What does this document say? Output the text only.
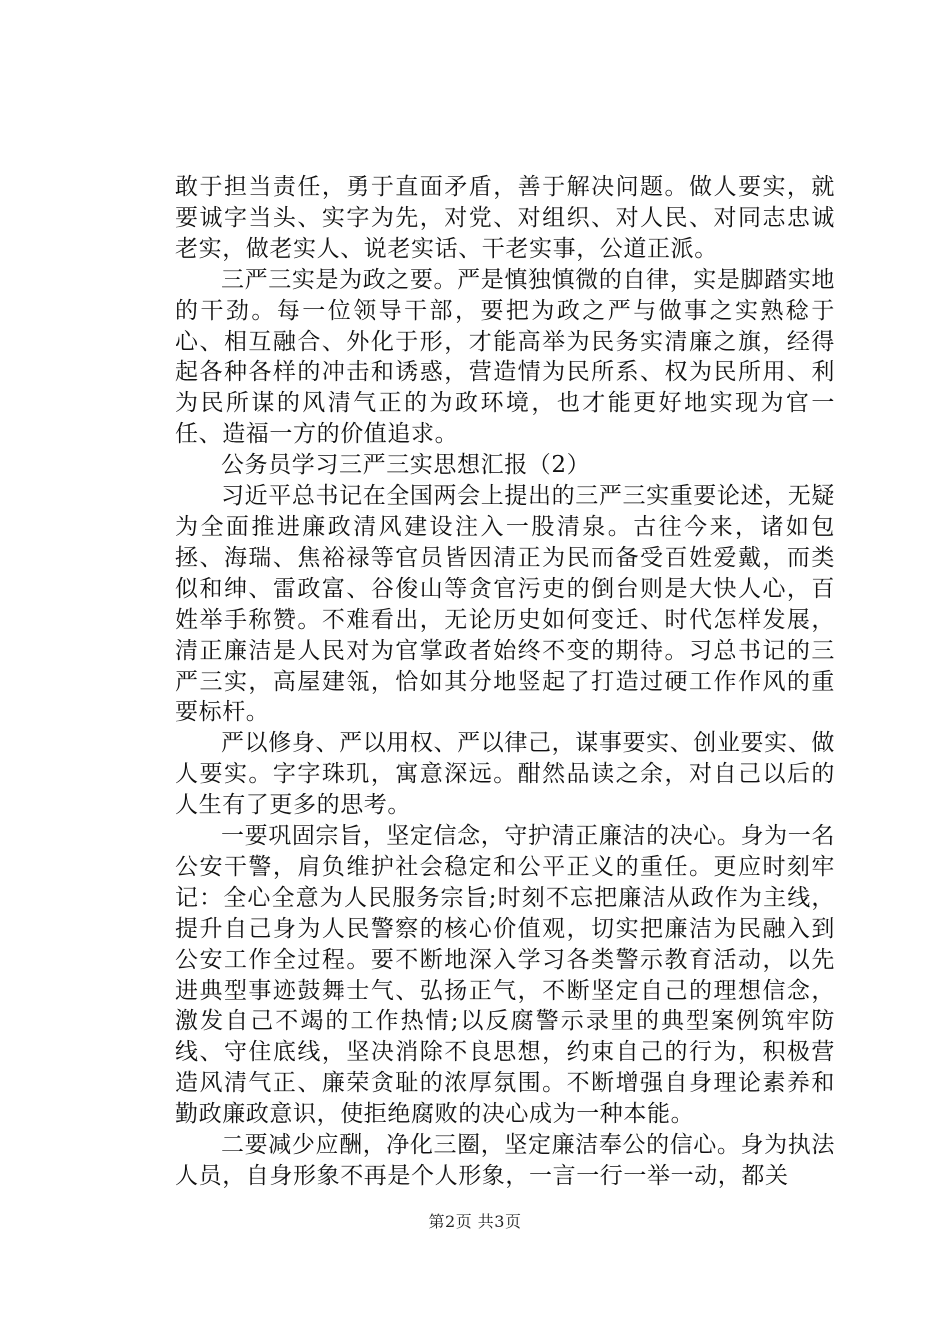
敢于担当责任，勇于直面矛盾，善于解决问题。做人要实，就要诚字当头、实字为先，对党、对组织、对人民、对同志忠诚老实，做老实人、说老实话、干老实事，公道正派。

三严三实是为政之要。严是慎独慎微的自律，实是脚踏实地的干劲。每一位领导干部，要把为政之严与做事之实熟稔于心、相互融合、外化于形，才能高举为民务实清廉之旗，经得起各种各样的冲击和诱惑，营造情为民所系、权为民所用、利为民所谋的风清气正的为政环境，也才能更好地实现为官一任、造福一方的价值追求。

公务员学习三严三实思想汇报（2）

习近平总书记在全国两会上提出的三严三实重要论述，无疑为全面推进廉政清风建设注入一股清泉。古往今来，诸如包拯、海瑞、焦裕禄等官员皆因清正为民而备受百姓爱戴，而类似和绅、雷政富、谷俊山等贪官污吏的倒台则是大快人心，百姓举手称赞。不难看出，无论历史如何变迁、时代怎样发展，清正廉洁是人民对为官掌政者始终不变的期待。习总书记的三严三实，高屋建瓴，恰如其分地竖起了打造过硬工作作风的重要标杆。

严以修身、严以用权、严以律己，谋事要实、创业要实、做人要实。字字珠玑，寓意深远。酣然品读之余，对自己以后的人生有了更多的思考。

一要巩固宗旨，坚定信念，守护清正廉洁的决心。身为一名公安干警，肩负维护社会稳定和公平正义的重任。更应时刻牢记：全心全意为人民服务宗旨;时刻不忘把廉洁从政作为主线，提升自己身为人民警察的核心价值观，切实把廉洁为民融入到公安工作全过程。要不断地深入学习各类警示教育活动，以先进典型事迹鼓舞士气、弘扬正气，不断坚定自己的理想信念，激发自己不竭的工作热情;以反腐警示录里的典型案例筑牢防线、守住底线，坚决消除不良思想，约束自己的行为，积极营造风清气正、廉荣贪耻的浓厚氛围。不断增强自身理论素养和勤政廉政意识，使拒绝腐败的决心成为一种本能。

二要减少应酬，净化三圈，坚定廉洁奉公的信心。身为执法人员，自身形象不再是个人形象，一言一行一举一动，都关

第2页 共3页
